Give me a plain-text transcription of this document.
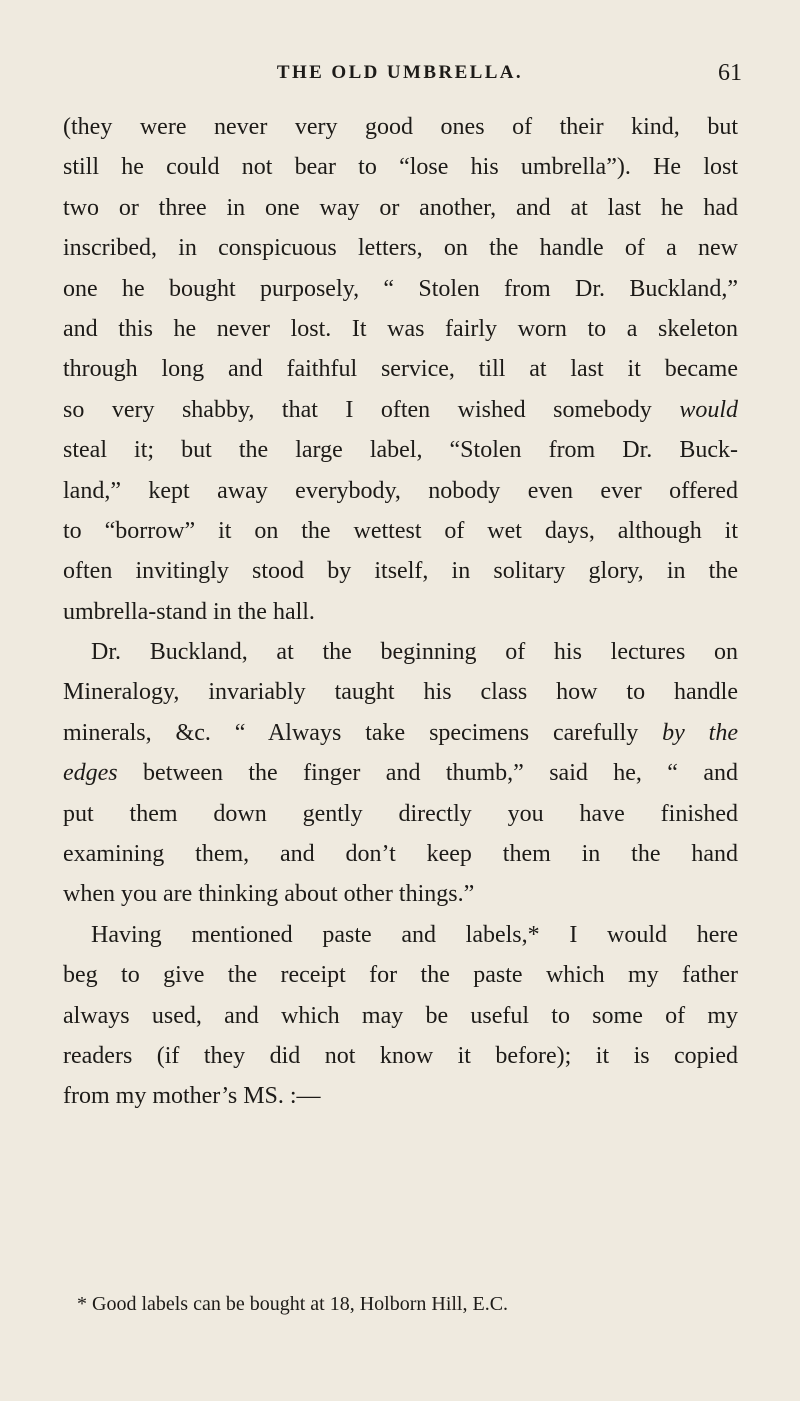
THE OLD UMBRELLA.	61
(they were never very good ones of their kind, but
still he could not bear to “lose his umbrella”). He lost
two or three in one way or another, and at last he had
inscribed, in conspicuous letters, on the handle of a new
one he bought purposely, “ Stolen from Dr. Buckland,”
and this he never lost. It was fairly worn to a skeleton
through long and faithful service, till at last it became
so very shabby, that I often wished somebody would
steal it; but the large label, “Stolen from Dr. Buck-
land,” kept away everybody, nobody even ever offered
to “borrow” it on the wettest of wet days, although it
often invitingly stood by itself, in solitary glory, in the
umbrella-stand in the hall.
Dr. Buckland, at the beginning of his lectures on
Mineralogy, invariably taught his class how to handle
minerals, &c. “ Always take specimens carefully by the
edges between the finger and thumb,” said he, “ and
put them down gently directly you have finished
examining them, and don’t keep them in the hand
when you are thinking about other things.”
Having mentioned paste and labels,* I would here
beg to give the receipt for the paste which my father
always used, and which may be useful to some of my
readers (if they did not know it before); it is copied
from my mother’s MS. :—
* Good labels can be bought at 18, Holborn Hill, E.C.
